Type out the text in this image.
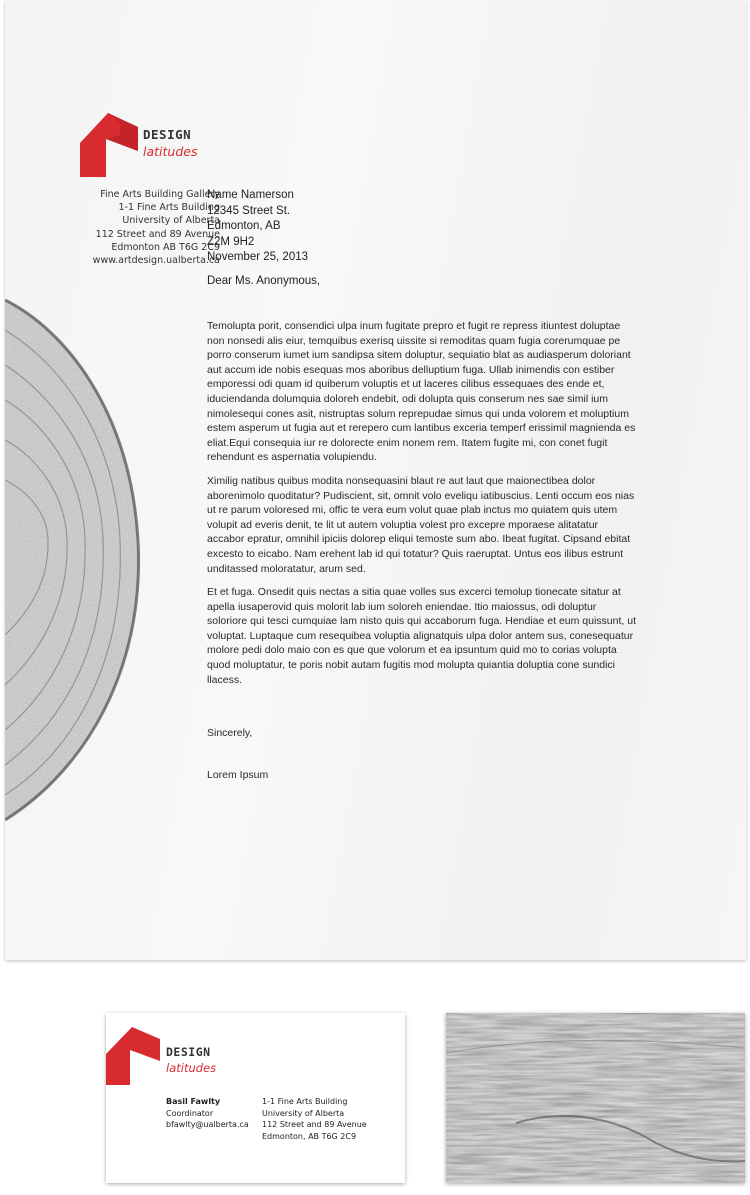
DESIGN
latitudes
Fine Arts Building Gallery
1-1 Fine Arts Building
University of Alberta
112 Street and 89 Avenue
Edmonton AB T6G 2C9
www.artdesign.ualberta.ca
Name Namerson
12345 Street St.
Edmonton, AB
Z2M 9H2
November 25, 2013
Dear Ms. Anonymous,

Temolupta porit, consendici ulpa inum fugitate prepro et fugit re repress itiuntest doluptae non nonsedi alis eiur, temquibus exerisq uissite si remoditas quam fugia corerumquae pe porro conserum iumet ium sandipsa sitem doluptur, sequiatio blat as audiasperum doloriant aut accum ide nobis esequas mos aboribus delluptium fuga. Ullab inimendis con estiber emporessi odi quam id quiberum voluptis et ut laceres cilibus essequaes des ende et, iduciendanda dolumquia doloreh endebit, odi dolupta quis conserum nes sae simil ium nimolesequi cones asit, nistruptas solum reprepudae simus qui unda volorem et moluptium estem asperum ut fugia aut et rerepero cum lantibus exceria temperf erissimil magnienda es eliat.Equi consequia iur re dolorecte enim nonem rem. Itatem fugite mi, con conet fugit rehendunt es aspernatia volupiendu.

Ximilig natibus quibus modita nonsequasini blaut re aut laut que maionectibea dolor aborenimolo quoditatur? Pudiscient, sit, omnit volo eveliqu iatibuscius. Lenti occum eos nias ut re parum voloresed mi, offic te vera eum volut quae plab inctus mo quiatem quis utem volupit ad everis denit, te lit ut autem voluptia volest pro excepre mporaese alitatatur accabor epratur, omnihil ipiciis dolorep eliqui temoste sum abo. Ibeat fugitat. Cipsand ebitat excesto to eicabo. Nam erehent lab id qui totatur? Quis raeruptat. Untus eos ilibus estrunt unditassed moloratatur, arum sed.

Et et fuga. Onsedit quis nectas a sitia quae volles sus excerci temolup tionecate sitatur at apella iusaperovid quis molorit lab ium soloreh eniendae. Itio maiossus, odi doluptur soloriore qui tesci cumquiae lam nisto quis qui accaborum fuga. Hendiae et eum quissunt, ut voluptat. Luptaque cum resequibea voluptia alignatquis ulpa dolor antem sus, conesequatur molore pedi dolo maio con es que que volorum et ea ipsuntum quid mo to corias volupta quod moluptatur, te poris nobit autam fugitis mod molupta quiantia doluptia cone sundici llacess.

Sincerely,
Lorem Ipsum
DESIGN
latitudes
Basil Fawlty
Coordinator
bfawlty@ualberta.ca
1-1 Fine Arts Building
University of Alberta
112 Street and 89 Avenue
Edmonton, AB T6G 2C9
